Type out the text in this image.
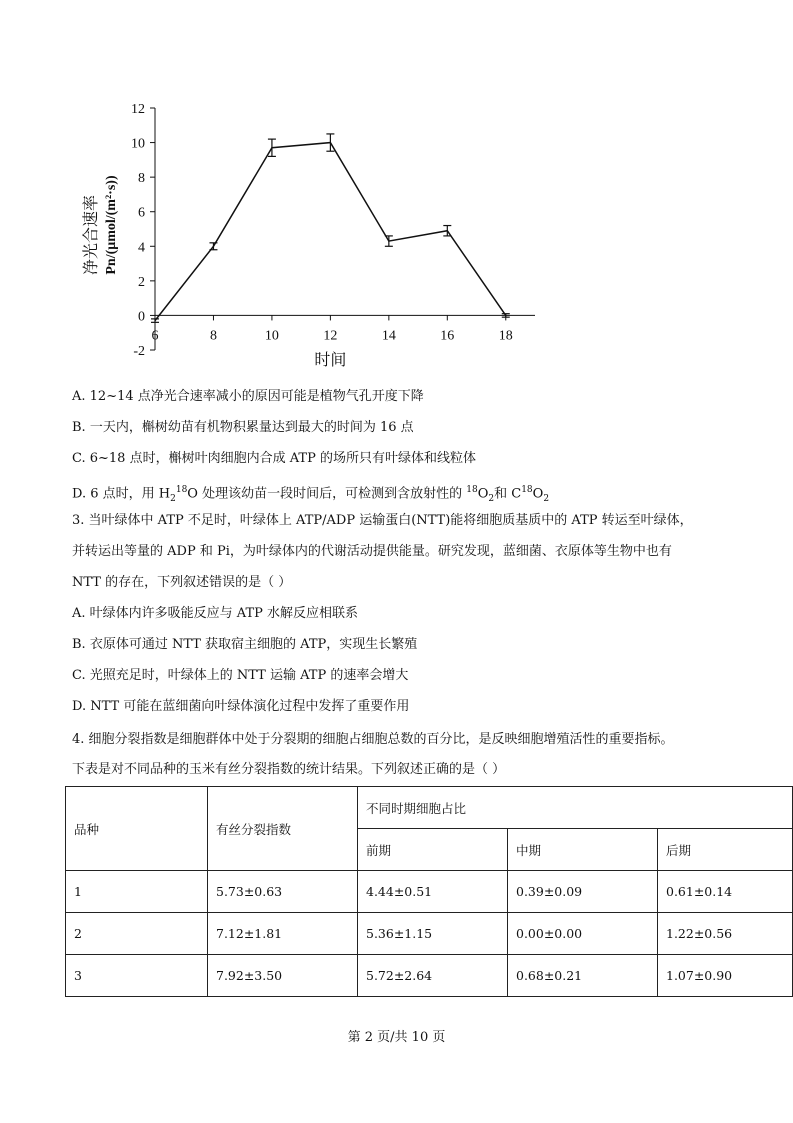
净光合速率 Pn/(μmol/(m²·s))
-2
0
2
4
6
8
10
12
6	8	10	12	14	16	18
时间
A. 12~14 点净光合速率减小的原因可能是植物气孔开度下降
B. 一天内，槲树幼苗有机物积累量达到最大的时间为 16 点
C. 6~18 点时，槲树叶肉细胞内合成 ATP 的场所只有叶绿体和线粒体
D. 6 点时，用 $H_2^{18}O$ 处理该幼苗一段时间后，可检测到含放射性的 $^{18}O_2$和 $C^{18}O_2$
3. 当叶绿体中 ATP 不足时，叶绿体上 ATP/ADP 运输蛋白(NTT)能将细胞质基质中的 ATP 转运至叶绿体，
并转运出等量的 ADP 和 Pi，为叶绿体内的代谢活动提供能量。研究发现，蓝细菌、衣原体等生物中也有
NTT 的存在，下列叙述错误的是（ ）
A. 叶绿体内许多吸能反应与 ATP 水解反应相联系
B. 衣原体可通过 NTT 获取宿主细胞的 ATP，实现生长繁殖
C. 光照充足时，叶绿体上的 NTT 运输 ATP 的速率会增大
D. NTT 可能在蓝细菌向叶绿体演化过程中发挥了重要作用
4. 细胞分裂指数是细胞群体中处于分裂期的细胞占细胞总数的百分比，是反映细胞增殖活性的重要指标。
下表是对不同品种的玉米有丝分裂指数的统计结果。下列叙述正确的是（ ）
品种	有丝分裂指数	不同时期细胞占比		
		前期	中期	后期
1	5.73±0.63	4.44±0.51	0.39±0.09	0.61±0.14
2	7.12±1.81	5.36±1.15	0.00±0.00	1.22±0.56
3	7.92±3.50	5.72±2.64	0.68±0.21	1.07±0.90
第 2 页/共 10 页
